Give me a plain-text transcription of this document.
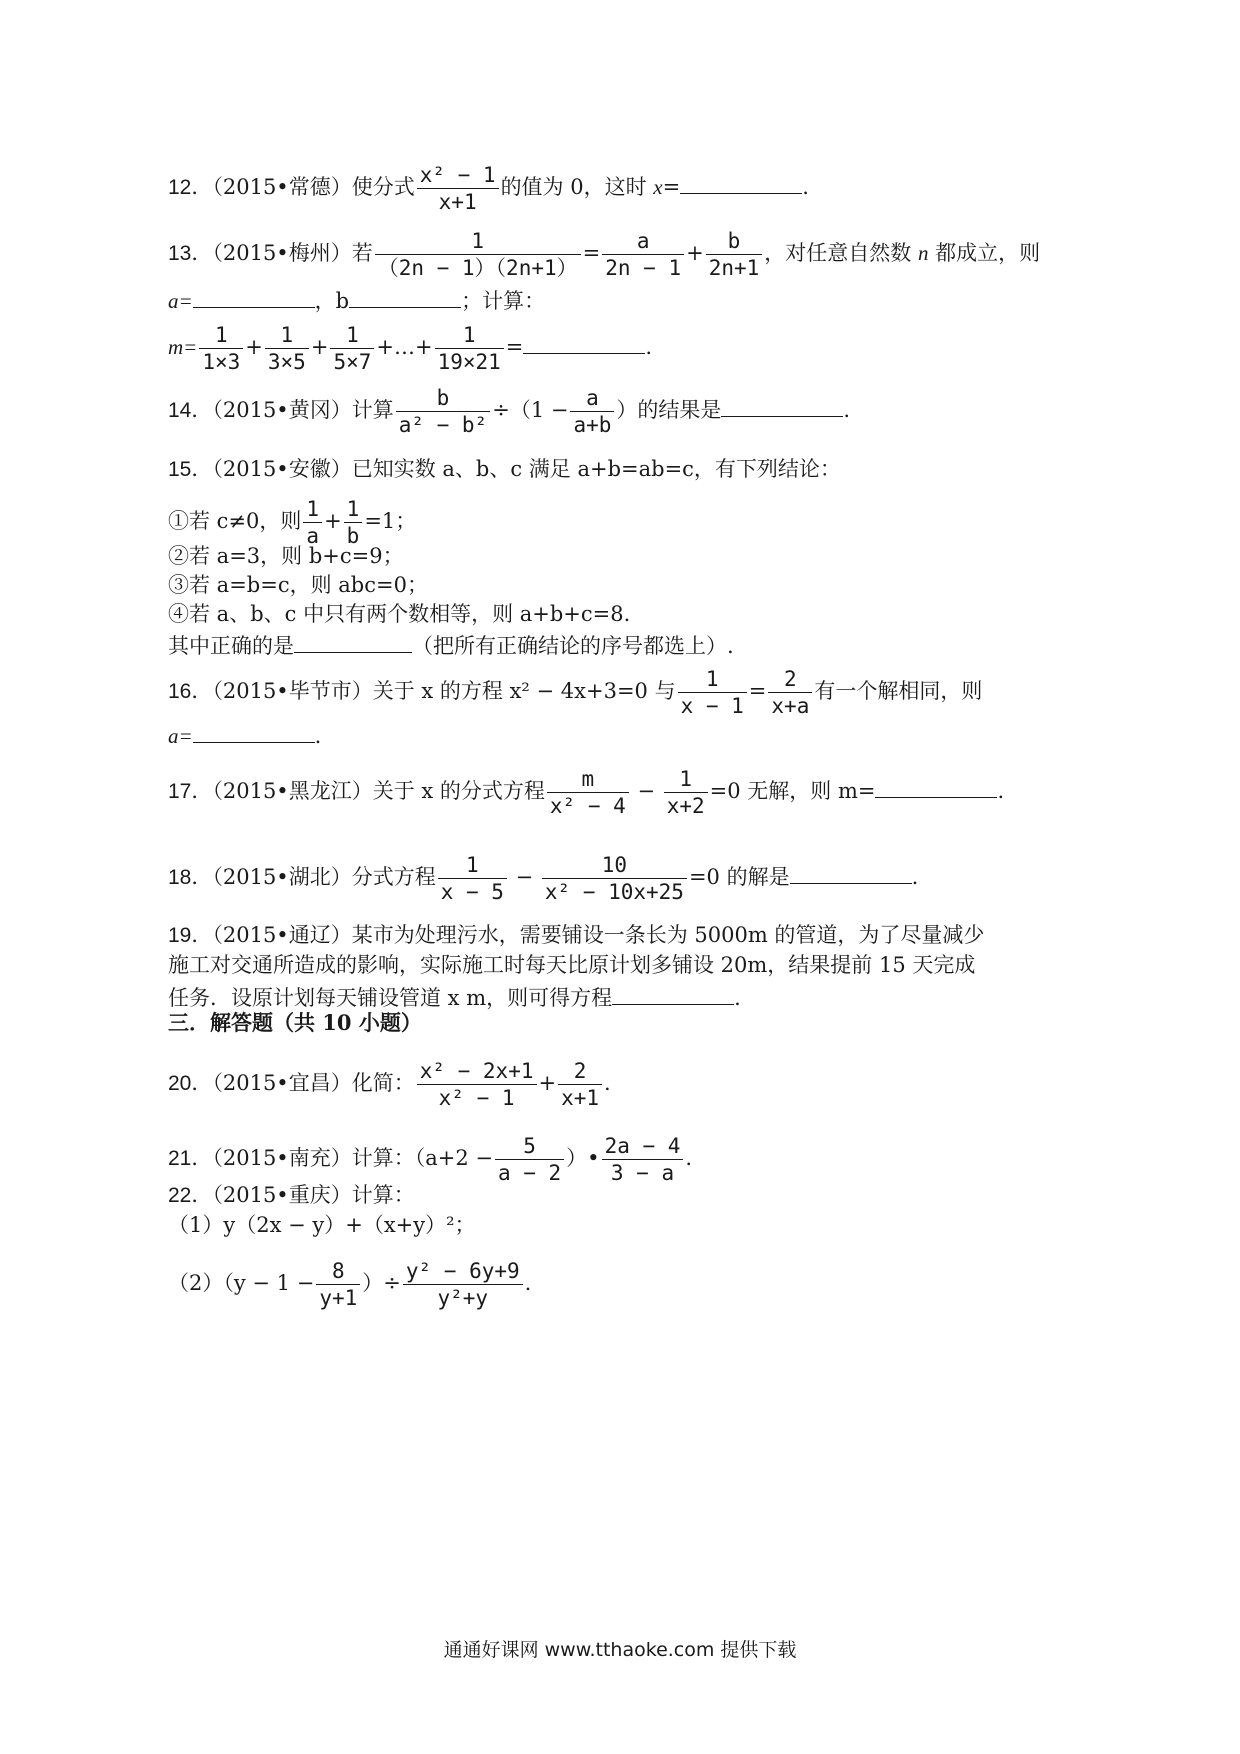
12．（2015•常德）使分式 $\frac{\text{x² − 1}}{x+1}$ 的值为 0，这时 x=	.
13．（2015•梅州）若 $\frac{1}{(2n - 1)(2n+1)} = \frac{a}{2n - 1} + \frac{b}{2n+1}$ ，对任意自然数 n 都成立，则
a=	，b	；计算：
$m= \frac{1}{1\times 3} + \frac{1}{3\times 5} + \frac{1}{5\times 7}$ +…+ $\frac{1}{19\times 21}$ =	.
14．（2015•黄冈）计算 $\frac{b}{\text{a² − b²}} \div(1 - \frac{a}{a+b}$ ）的结果是	.
15．（2015•安徽）已知实数 a、b、c 满足 a+b=ab=c，有下列结论：
①若 c≠0，则 $\frac{1}{a} + \frac{1}{b} =1$；
②若 a=3，则 b+c=9；
③若 a=b=c，则 abc=0；
④若 a、b、c 中只有两个数相等，则 a+b+c=8.
其中正确的是	（把所有正确结论的序号都选上）.
16．（2015•毕节市）关于 x 的方程 x² − 4x+3=0 与 $\frac{1}{x - 1} = \frac{2}{x+a}$ 有一个解相同，则
a=	.
17．（2015•黑龙江）关于 x 的分式方程 $\frac{m}{\text{x² − 4}} - \frac{1}{x+2} =0$ 无解，则 m=	.
18．（2015•湖北）分式方程 $\frac{1}{x - 5} - \frac{10}{\text{x² − 10x+25}} =0$ 的解是	.
19．（2015•通辽）某市为处理污水，需要铺设一条长为 5000m 的管道，为了尽量减少
施工对交通所造成的影响，实际施工时每天比原计划多铺设 20m，结果提前 15 天完成
任务．设原计划每天铺设管道 x m，则可得方程	.
三．解答题（共 10 小题）
20．（2015•宜昌）化简： $\frac{\text{x² − 2x+1}}{\text{x² − 1}} + \frac{2}{x+1}$ .
21．（2015•南充）计算：（$a+2 - \frac{5}{a - 2}$ ）• $\frac{2a - 4}{3 - a}$ .
22．（2015•重庆）计算：
（1）y（2x − y）+（x+y）²；
$(2)(y - 1 - \frac{8}{y+1}$ ）÷ $\frac{\text{y² − 6y+9}}{\text{y²+y}}$ .
通通好课网 www.tthaoke.com 提供下载
